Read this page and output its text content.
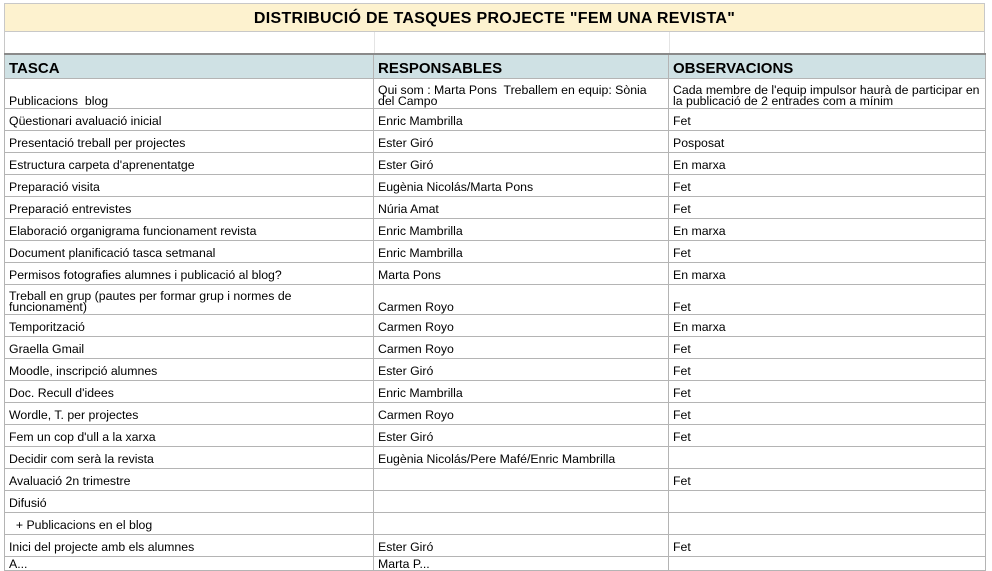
DISTRIBUCIÓ DE TASQUES PROJECTE "FEM UNA REVISTA"
TASCA	RESPONSABLES	OBSERVACIONS
Publicacions  blog	Qui som : Marta Pons  Treballem en equip: Sònia del Campo	Cada membre de l'equip impulsor haurà de participar en la publicació de 2 entrades com a mínim
Qüestionari avaluació inicial	Enric Mambrilla	Fet
Presentació treball per projectes	Ester Giró	Posposat
Estructura carpeta d'aprenentatge	Ester Giró	En marxa
Preparació visita	Eugènia Nicolás/Marta Pons	Fet
Preparació entrevistes	Núria Amat	Fet
Elaboració organigrama funcionament revista	Enric Mambrilla	En marxa
Document planificació tasca setmanal	Enric Mambrilla	Fet
Permisos fotografies alumnes i publicació al blog?	Marta Pons	En marxa
Treball en grup (pautes per formar grup i normes de funcionament)	Carmen Royo	Fet
Temporització	Carmen Royo	En marxa
Graella Gmail	Carmen Royo	Fet
Moodle, inscripció alumnes	Ester Giró	Fet
Doc. Recull d'idees	Enric Mambrilla	Fet
Wordle, T. per projectes	Carmen Royo	Fet
Fem un cop d'ull a la xarxa	Ester Giró	Fet
Decidir com serà la revista	Eugènia Nicolás/Pere Mafé/Enric Mambrilla	
Avaluació 2n trimestre		Fet
Difusió		
+ Publicacions en el blog		
Inici del projecte amb els alumnes	Ester Giró	Fet
A...	Marta P...	
